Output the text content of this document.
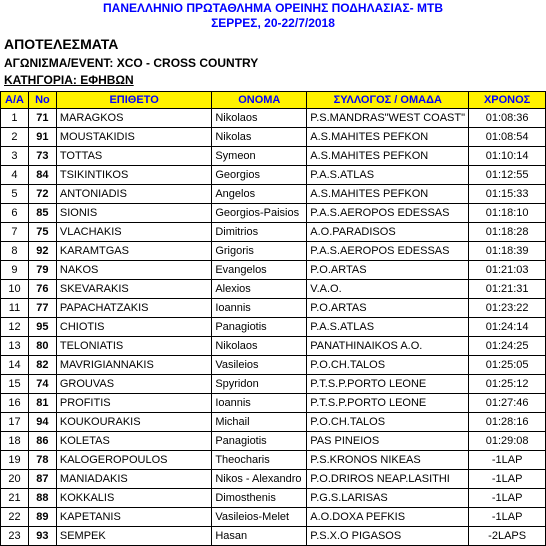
ΠΑΝΕΛΛΗΝΙΟ ΠΡΩΤΑΘΛΗΜΑ ΟΡΕΙΝΗΣ ΠΟΔΗΛΑΣΙΑΣ- MTB
ΣΕΡΡΕΣ, 20-22/7/2018
ΑΠΟΤΕΛΕΣΜΑΤΑ
ΑΓΩΝΙΣΜΑ/EVENT: XCO - CROSS COUNTRY
ΚΑΤΗΓΟΡΙΑ: ΕΦΗΒΩΝ
Α/Α	Νο	ΕΠΙΘΕΤΟ	ΟΝΟΜΑ	ΣΥΛΛΟΓΟΣ / ΟΜΑΔΑ	ΧΡΟΝΟΣ
1	71	MARAGKOS	Nikolaos	P.S.MANDRAS"WEST COAST"	01:08:36
2	91	MOUSTAKIDIS	Nikolas	A.S.MAHITES PEFKON	01:08:54
3	73	TOTTAS	Symeon	A.S.MAHITES PEFKON	01:10:14
4	84	TSIKINTIKOS	Georgios	P.A.S.ATLAS	01:12:55
5	72	ANTONIADIS	Angelos	A.S.MAHITES PEFKON	01:15:33
6	85	SIONIS	Georgios-Paisios	P.A.S.AEROPOS EDESSAS	01:18:10
7	75	VLACHAKIS	Dimitrios	A.O.PARADISOS	01:18:28
8	92	KARAMTGAS	Grigoris	P.A.S.AEROPOS EDESSAS	01:18:39
9	79	NAKOS	Evangelos	P.O.ARTAS	01:21:03
10	76	SKEVARAKIS	Alexios	V.A.O.	01:21:31
11	77	PAPACHATZAKIS	Ioannis	P.O.ARTAS	01:23:22
12	95	CHIOTIS	Panagiotis	P.A.S.ATLAS	01:24:14
13	80	TELONIATIS	Nikolaos	PANATHINAIKOS A.O.	01:24:25
14	82	MAVRIGIANNAKIS	Vasileios	P.O.CH.TALOS	01:25:05
15	74	GROUVAS	Spyridon	P.T.S.P.PORTO LEONE	01:25:12
16	81	PROFITIS	Ioannis	P.T.S.P.PORTO LEONE	01:27:46
17	94	KOUKOURAKIS	Michail	P.O.CH.TALOS	01:28:16
18	86	KOLETAS	Panagiotis	PAS PINEIOS	01:29:08
19	78	KALOGEROPOULOS	Theocharis	P.S.KRONOS NIKEAS	-1LAP
20	87	MANIADAKIS	Nikos - Alexandro	P.O.DRIROS NEAP.LASITHI	-1LAP
21	88	KOKKALIS	Dimosthenis	P.G.S.LARISAS	-1LAP
22	89	KAPETANIS	Vasileios-Melet	A.O.DOXA PEFKIS	-1LAP
23	93	SEMPEK	Hasan	P.S.X.O PIGASOS	-2LAPS
